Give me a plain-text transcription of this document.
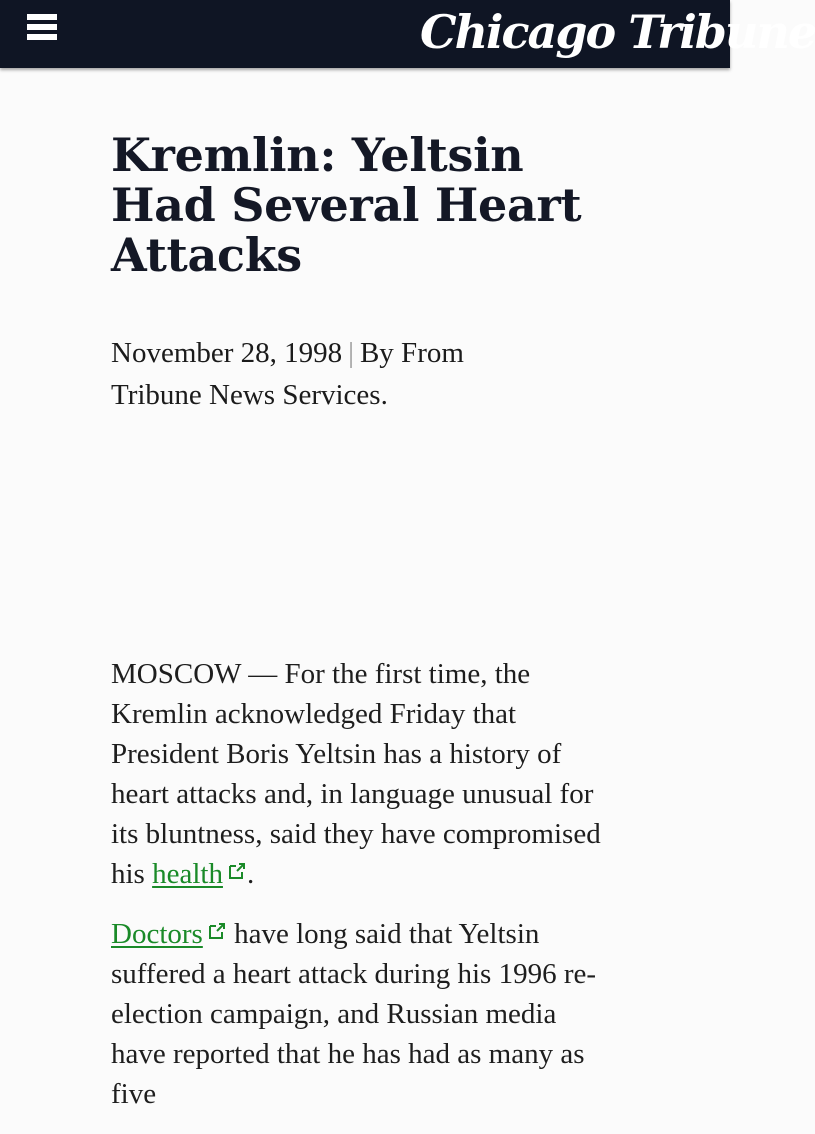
Chicago Tribune
Kremlin: Yeltsin Had Several Heart Attacks
November 28, 1998 | By From Tribune News Services.

MOSCOW — For the first time, the Kremlin acknowledged Friday that President Boris Yeltsin has a history of heart attacks and, in language unusual for its bluntness, said they have compromised his health .

Doctors have long said that Yeltsin suffered a heart attack during his 1996 re-election campaign, and Russian media have reported that he has had as many as five
